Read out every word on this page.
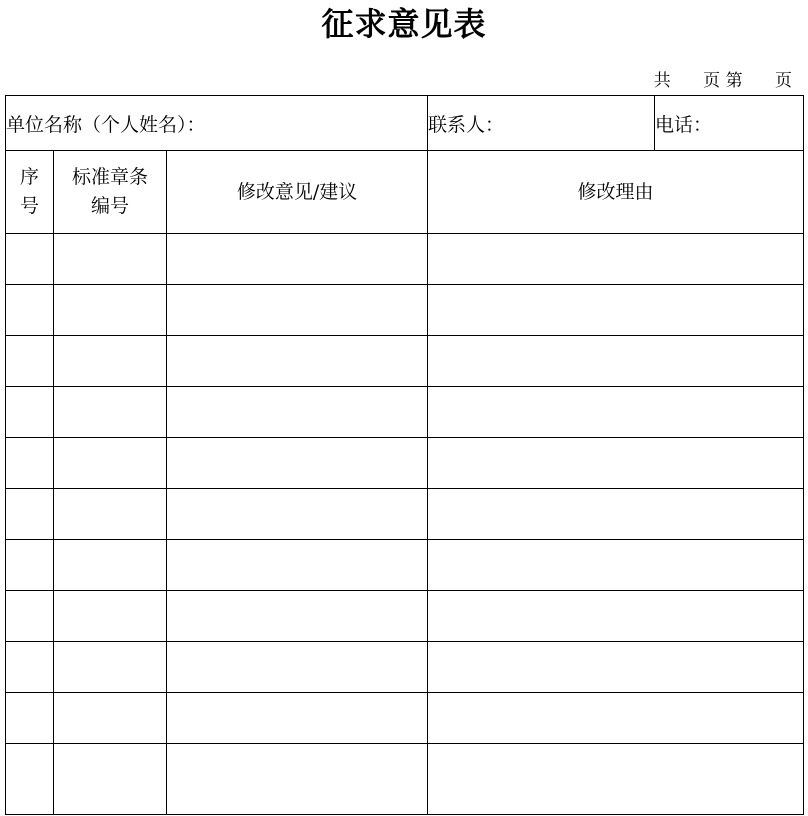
征求意见表
共      页 第      页
单位名称（个人姓名）：			联系人：	电话：
序号	标准章条编号	修改意见/建议	修改理由	
